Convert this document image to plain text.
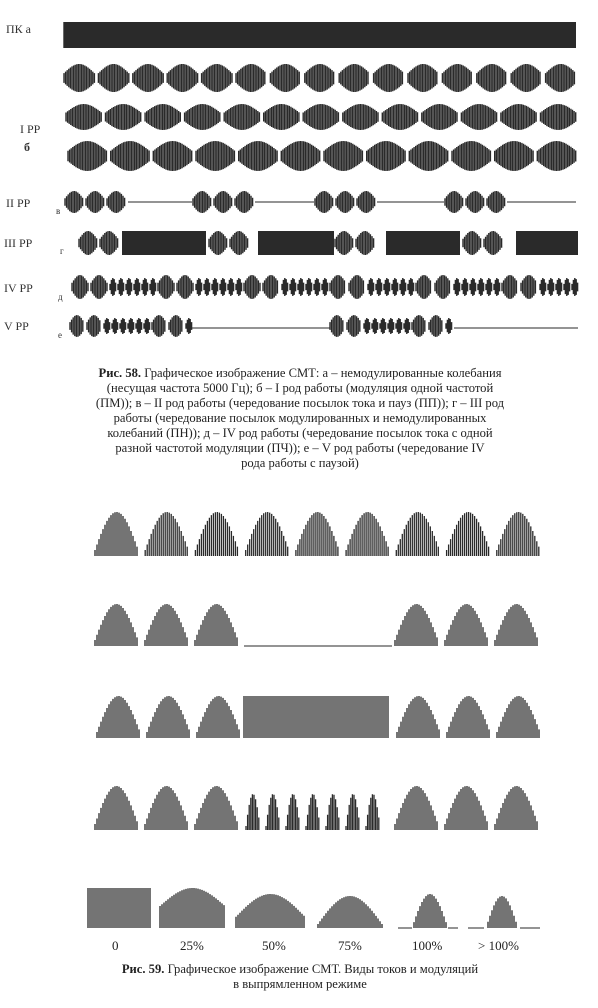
ПК а
I РР
б
II РР
в
III РР
г
IV РР
д
V РР
е
Рис. 58. Графическое изображение СМТ: а – немодулированные колебания
(несущая частота 5000 Гц); б – I род работы (модуляция одной частотой
(ПМ)); в – II род работы (чередование посылок тока и пауз (ПП)); г – III род
работы (чередование посылок модулированных и немодулированных
колебаний (ПН)); д – IV род работы (чередование посылок тока с одной
разной частотой модуляции (ПЧ)); е – V род работы (чередование IV
рода работы с паузой)
0	25%	50%	75%	100%	> 100%
Рис. 59. Графическое изображение СМТ. Виды токов и модуляций
в выпрямленном режиме
